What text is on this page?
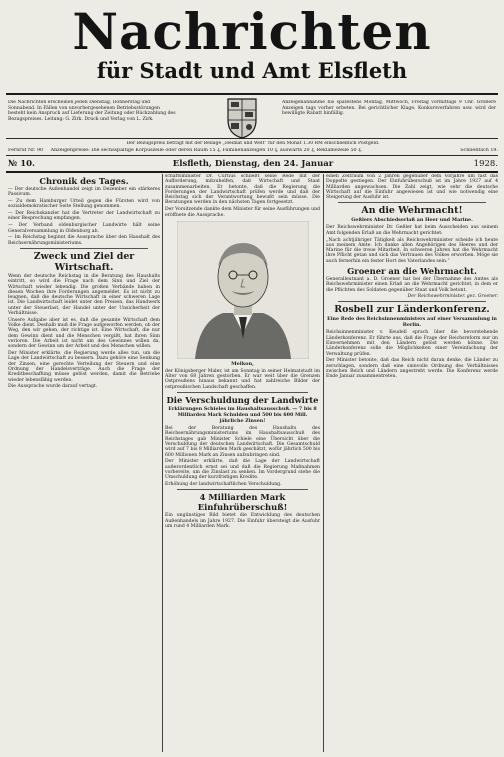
Nachrichten
für Stadt und Amt Elsfleth
Die Nachrichten erscheinen jeden Dienstag, Donnerstag und Sonnabend. In Fällen von unvorhergesehenen Betriebsstörungen besteht kein Anspruch auf Lieferung der Zeitung oder Rückzahlung des Bezugspreises. Leitung: G. Zirk. Druck und Verlag von L. Zirk.
Anzeigenannahme bis spätestens Montag, Mittwoch, Freitag vormittags 9 Uhr. Größere Anzeigen tags vorher erbeten. Bei gerichtlicher Klage, Konkursverfahren usw. wird der bewilligte Rabatt hinfällig.
Der Bezugspreis beträgt mit der Beilage „Heimat und Welt“ für den Monat 1.30 RM einschließlich Postgeld.
Fernruf Nr. 90 Anzeigenpreise: Die sechsspaltige Korpuszeile oder deren Raum 15 ₰, Familienanzeigen 10 ₰, auswärts 20 ₰, Reklamezeile 50 ₰.	Schließfach 19.
№ 10.	Elsfleth, Dienstag, den 24. Januar	1928.
Chronik des Tages.

— Der deutsche Außenhandel zeigt im Dezember ein stärkeres Passivum.

— Zu dem Hamburger Urteil gegen die Fürsten wird von sozialdemokratischer Seite Stellung genommen.

— Der Reichskanzler hat die Vertreter der Landwirtschaft zu einer Besprechung empfangen.

— Der Verband oldenburgischer Landwirte hält seine Generalversammlung in Oldenburg ab.

— Im Reichstag beginnt die Aussprache über den Haushalt des Reichsernährungsministeriums.

Zweck und Ziel der Wirtschaft.

Wenn der deutsche Reichstag in die Beratung des Haushalts eintritt, so wird die Frage nach dem Sinn und Ziel der Wirtschaft wieder lebendig. Die großen Verbände haben in diesen Wochen ihre Forderungen angemeldet. Es ist nicht zu leugnen, daß die deutsche Wirtschaft in einer schweren Lage ist. Die Landwirtschaft leidet unter den Preisen, das Handwerk unter der Steuerlast, der Handel unter der Unsicherheit der Verhältnisse.

Unsere Aufgabe aber ist es, daß die gesamte Wirtschaft dem Volke dient. Deshalb muß die Frage aufgeworfen werden, ob der Weg, den wir gehen, der richtige ist. Eine Wirtschaft, die nur dem Gewinn dient und die Menschen vergißt, hat ihren Sinn verloren. Die Arbeit ist nicht um des Gewinnes willen da, sondern der Gewinn um der Arbeit und des Menschen willen.

Der Minister erklärte, die Regierung werde alles tun, um die Lage der Landwirtschaft zu bessern. Dazu gehöre eine Senkung der Zinsen, eine gerechte Verteilung der Steuern und eine Ordnung der Handelsverträge. Auch die Frage der Kreditbeschaffung müsse gelöst werden, damit die Betriebe wieder lebensfähig werden.

Die Aussprache wurde darauf vertagt.

schaftsminister Dr. Curtius schließt seine Rede mit der Aufforderung, mitzuhelfen, daß Wirtschaft und Staat zusammenarbeiten. Er betonte, daß die Regierung die Forderungen der Landwirtschaft prüfen werde und daß der Reichstag sich der Verantwortung bewußt sein müsse. Die Beratungen werden in den nächsten Tagen fortgesetzt.

Der Vorsitzende dankte dem Minister für seine Ausführungen und eröffnete die Aussprache.

Melkon,

der Königsberger Maler, ist am Sonntag in seiner Heimatstadt im Alter von 68 Jahren gestorben. Er war weit über die Grenzen Ostpreußens hinaus bekannt und hat zahlreiche Bilder der ostpreußischen Landschaft geschaffen.

Die Verschuldung der Landwirte
Erklärungen Schieles im Haushaltsausschuß. — 7 bis 8 Milliarden Mark Schulden und 500 bis 600 Mill. jährliche Zinsen!

Bei der Beratung des Haushalts des Reichsernährungsministeriums im Haushaltsausschuß des Reichstages gab Minister Schiele eine Übersicht über die Verschuldung der deutschen Landwirtschaft. Die Gesamtschuld wird auf 7 bis 8 Milliarden Mark geschätzt, wofür jährlich 500 bis 600 Millionen Mark an Zinsen aufzubringen sind.

Der Minister erklärte, daß die Lage der Landwirtschaft außerordentlich ernst sei und daß die Regierung Maßnahmen vorbereite, um die Zinslast zu senken. Im Vordergrund stehe die Umschuldung der kurzfristigen Kredite.

Erhöhung der landwirtschaftlichen Verschuldung.

4 Milliarden Mark Einfuhrüberschuß!

Ein ungünstiges Bild bietet die Entwicklung des deutschen Außenhandels im Jahre 1927. Die Einfuhr übersteigt die Ausfuhr um rund 4 Milliarden Mark.

einen Zeitraum von 2 Jahren gegenüber dem Vorjahre um fast das Doppelte gestiegen. Der Einfuhrüberschuß ist im Jahre 1927 auf 4 Milliarden angewachsen. Die Zahl zeigt, wie sehr die deutsche Wirtschaft auf die Einfuhr angewiesen ist und wie notwendig eine Steigerung der Ausfuhr ist.

An die Wehrmacht!
Geßlers Abschiedserlaß an Heer und Marine.

Der Reichswehrminister Dr. Geßler hat beim Ausscheiden aus seinem Amt folgenden Erlaß an die Wehrmacht gerichtet:

„Nach achtjähriger Tätigkeit als Reichswehrminister scheide ich heute aus meinem Amte. Ich danke allen Angehörigen des Heeres und der Marine für die treue Mitarbeit. In schweren Jahren hat die Wehrmacht ihre Pflicht getan und sich das Vertrauen des Volkes erworben. Möge sie auch fernerhin ein fester Hort des Vaterlandes sein.“

Groener an die Wehrmacht.

Generalleutnant a. D. Groener hat bei der Übernahme des Amtes als Reichswehrminister einen Erlaß an die Wehrmacht gerichtet, in dem er die Pflichten des Soldaten gegenüber Staat und Volk betont.

Der Reichswehrminister. gez. Groener.
Rosbell zur Länderkonferenz.
Eine Rede des Reichsinnenministers auf einer Versammlung in Berlin.

Reichsinnenminister v. Keudell sprach über die bevorstehende Länderkonferenz. Er führte aus, daß die Frage der Reichsreform nur im Einvernehmen mit den Ländern gelöst werden könne. Die Länderkonferenz solle die Möglichkeiten einer Vereinfachung der Verwaltung prüfen.

Der Minister betonte, daß das Reich nicht daran denke, die Länder zu zerschlagen, sondern daß eine sinnvolle Ordnung des Verhältnisses zwischen Reich und Ländern angestrebt werde. Die Konferenz werde Ende Januar zusammentreten.
